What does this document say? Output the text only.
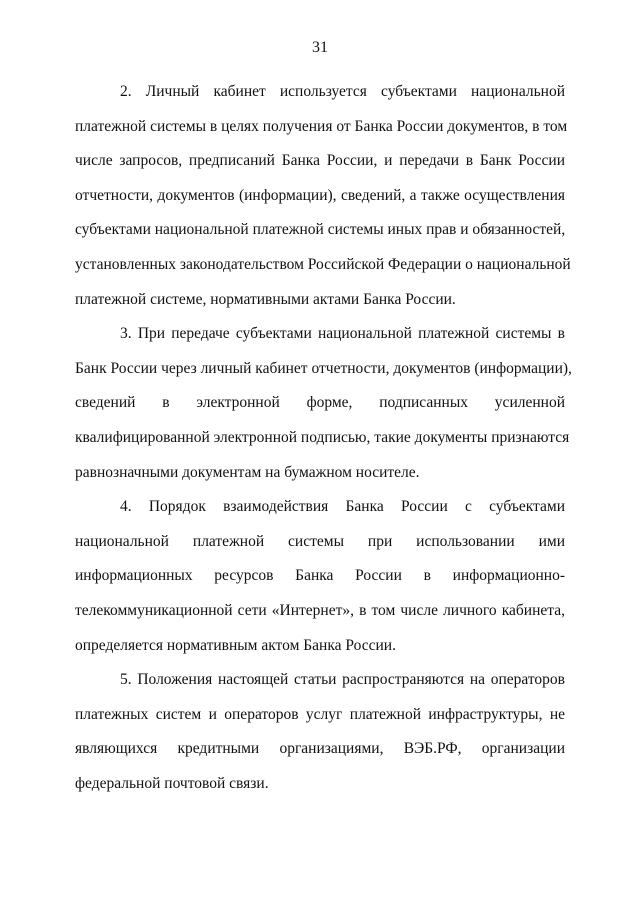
31
2. Личный кабинет используется субъектами национальной
платежной системы в целях получения от Банка России документов, в том
числе запросов, предписаний Банка России, и передачи в Банк России
отчетности, документов (информации), сведений, а также осуществления
субъектами национальной платежной системы иных прав и обязанностей,
установленных законодательством Российской Федерации о национальной
платежной системе, нормативными актами Банка России.
3. При передаче субъектами национальной платежной системы в
Банк России через личный кабинет отчетности, документов (информации),
сведений в электронной форме, подписанных усиленной
квалифицированной электронной подписью, такие документы признаются
равнозначными документам на бумажном носителе.
4. Порядок взаимодействия Банка России с субъектами
национальной платежной системы при использовании ими
информационных ресурсов Банка России в информационно-
телекоммуникационной сети «Интернет», в том числе личного кабинета,
определяется нормативным актом Банка России.
5. Положения настоящей статьи распространяются на операторов
платежных систем и операторов услуг платежной инфраструктуры, не
являющихся кредитными организациями, ВЭБ.РФ, организации
федеральной почтовой связи.
